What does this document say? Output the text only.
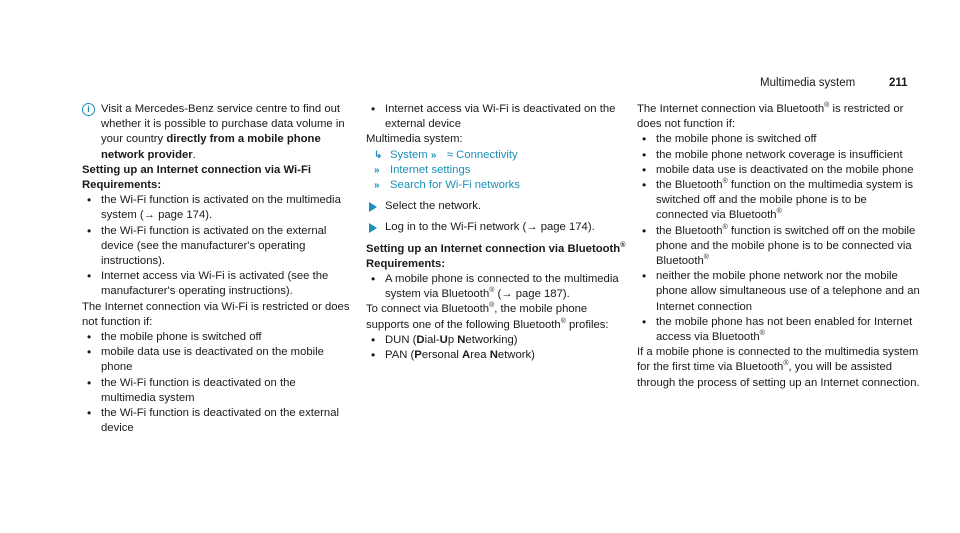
Multimedia system	211
i Visit a Mercedes-Benz service centre to find out whether it is possible to purchase data volume in your country directly from a mobile phone network provider.

Setting up an Internet connection via Wi-Fi

Requirements:

• the Wi-Fi function is activated on the multimedia system (→ page 174).
• the Wi-Fi function is activated on the external device (see the manufacturer's operating instructions).
• Internet access via Wi-Fi is activated (see the manufacturer's operating instructions).

The Internet connection via Wi-Fi is restricted or does not function if:

• the mobile phone is switched off
• mobile data use is deactivated on the mobile phone
• the Wi-Fi function is deactivated on the multimedia system
• the Wi-Fi function is deactivated on the external device
• Internet access via Wi-Fi is deactivated on the external device

Multimedia system:

↳ System » ≈ Connectivity
» Internet settings
» Search for Wi-Fi networks
Select the network.
Log in to the Wi-Fi network (→ page 174).

Setting up an Internet connection via Bluetooth®

Requirements:

• A mobile phone is connected to the multimedia system via Bluetooth® (→ page 187).

To connect via Bluetooth®, the mobile phone supports one of the following Bluetooth® profiles:

• DUN (Dial-Up Networking)
• PAN (Personal Area Network)

The Internet connection via Bluetooth® is restricted or does not function if:

• the mobile phone is switched off
• the mobile phone network coverage is insufficient
• mobile data use is deactivated on the mobile phone
• the Bluetooth® function on the multimedia system is switched off and the mobile phone is to be connected via Bluetooth®
• the Bluetooth® function is switched off on the mobile phone and the mobile phone is to be connected via Bluetooth®
• neither the mobile phone network nor the mobile phone allow simultaneous use of a telephone and an Internet connection
• the mobile phone has not been enabled for Internet access via Bluetooth®

If a mobile phone is connected to the multimedia system for the first time via Bluetooth®, you will be assisted through the process of setting up an Internet connection.
